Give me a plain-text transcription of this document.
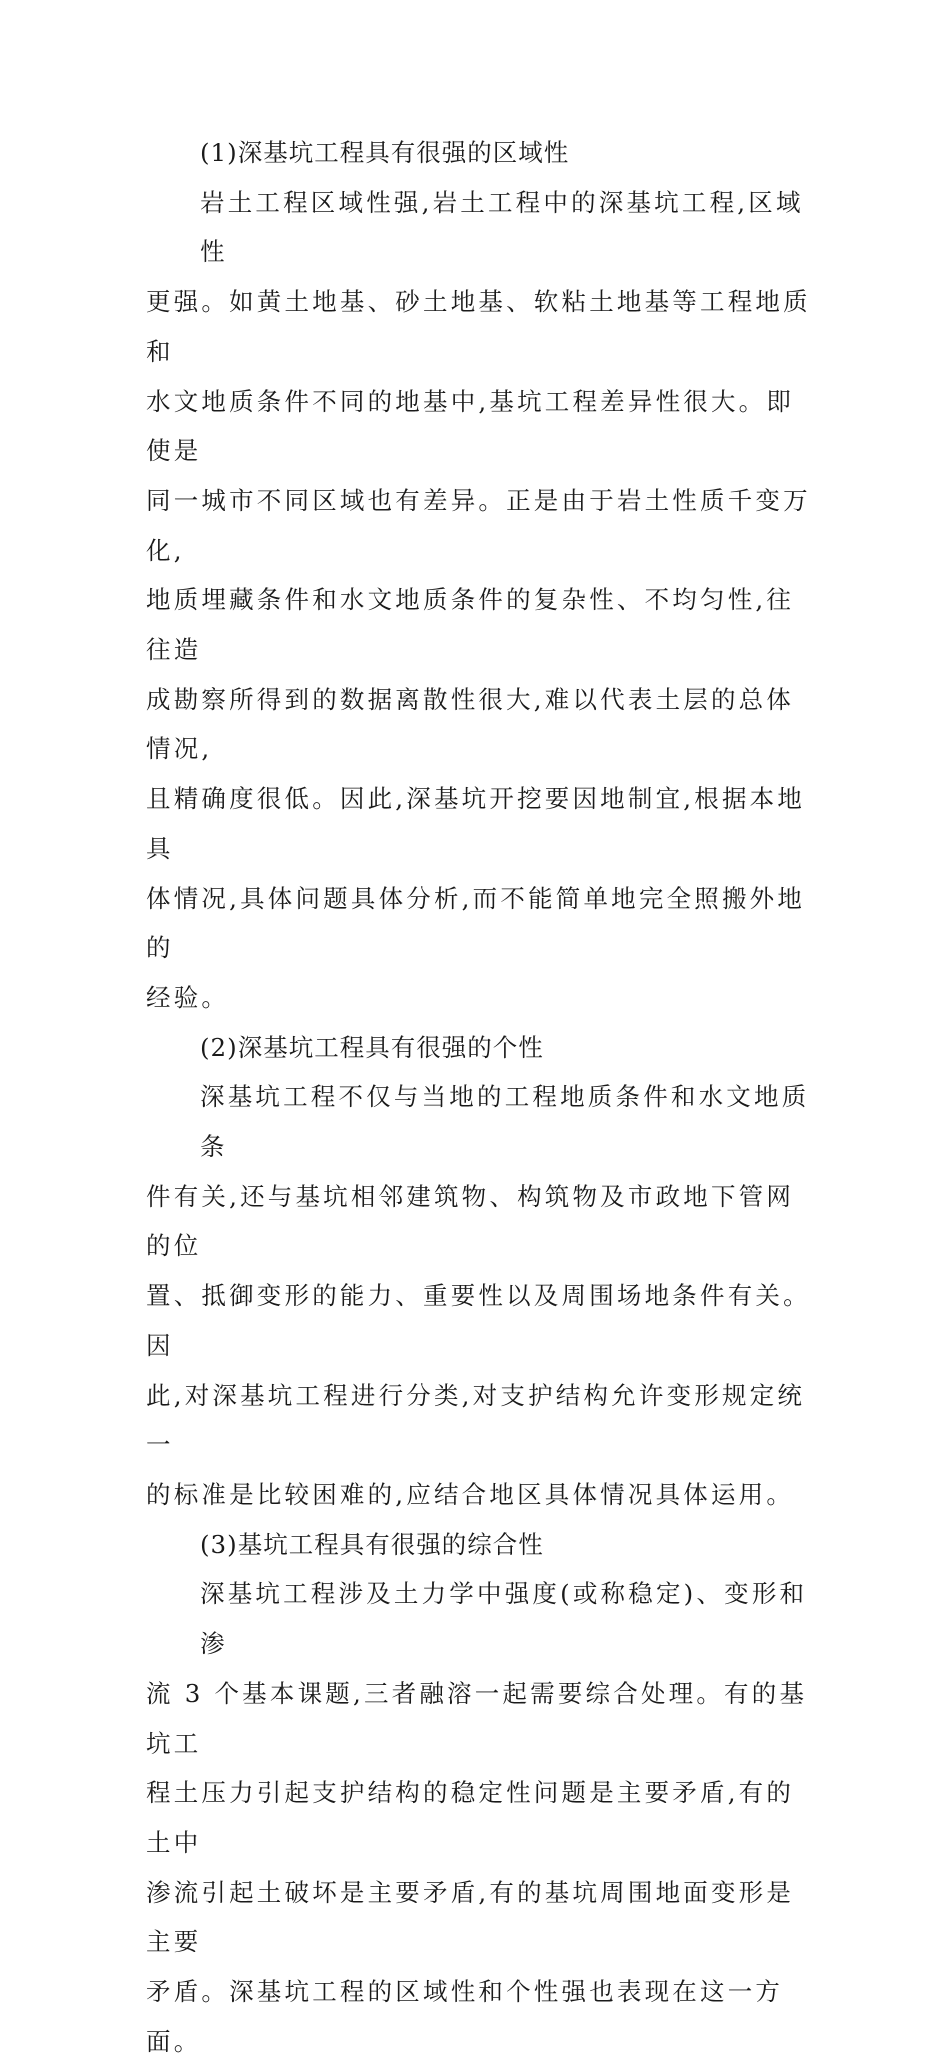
(1)深基坑工程具有很强的区域性

岩土工程区域性强,岩土工程中的深基坑工程,区域性
更强。如黄土地基、砂土地基、软粘土地基等工程地质和
水文地质条件不同的地基中,基坑工程差异性很大。即使是
同一城市不同区域也有差异。正是由于岩土性质千变万化,
地质埋藏条件和水文地质条件的复杂性、不均匀性,往往造
成勘察所得到的数据离散性很大,难以代表土层的总体情况,
且精确度很低。因此,深基坑开挖要因地制宜,根据本地具
体情况,具体问题具体分析,而不能简单地完全照搬外地的
经验。

(2)深基坑工程具有很强的个性

深基坑工程不仅与当地的工程地质条件和水文地质条
件有关,还与基坑相邻建筑物、构筑物及市政地下管网的位
置、抵御变形的能力、重要性以及周围场地条件有关。因
此,对深基坑工程进行分类,对支护结构允许变形规定统一
的标准是比较困难的,应结合地区具体情况具体运用。

(3)基坑工程具有很强的综合性

深基坑工程涉及土力学中强度(或称稳定)、变形和渗
流 3 个基本课题,三者融溶一起需要综合处理。有的基坑工
程土压力引起支护结构的稳定性问题是主要矛盾,有的土中
渗流引起土破坏是主要矛盾,有的基坑周围地面变形是主要
矛盾。深基坑工程的区域性和个性强也表现在这一方面。
